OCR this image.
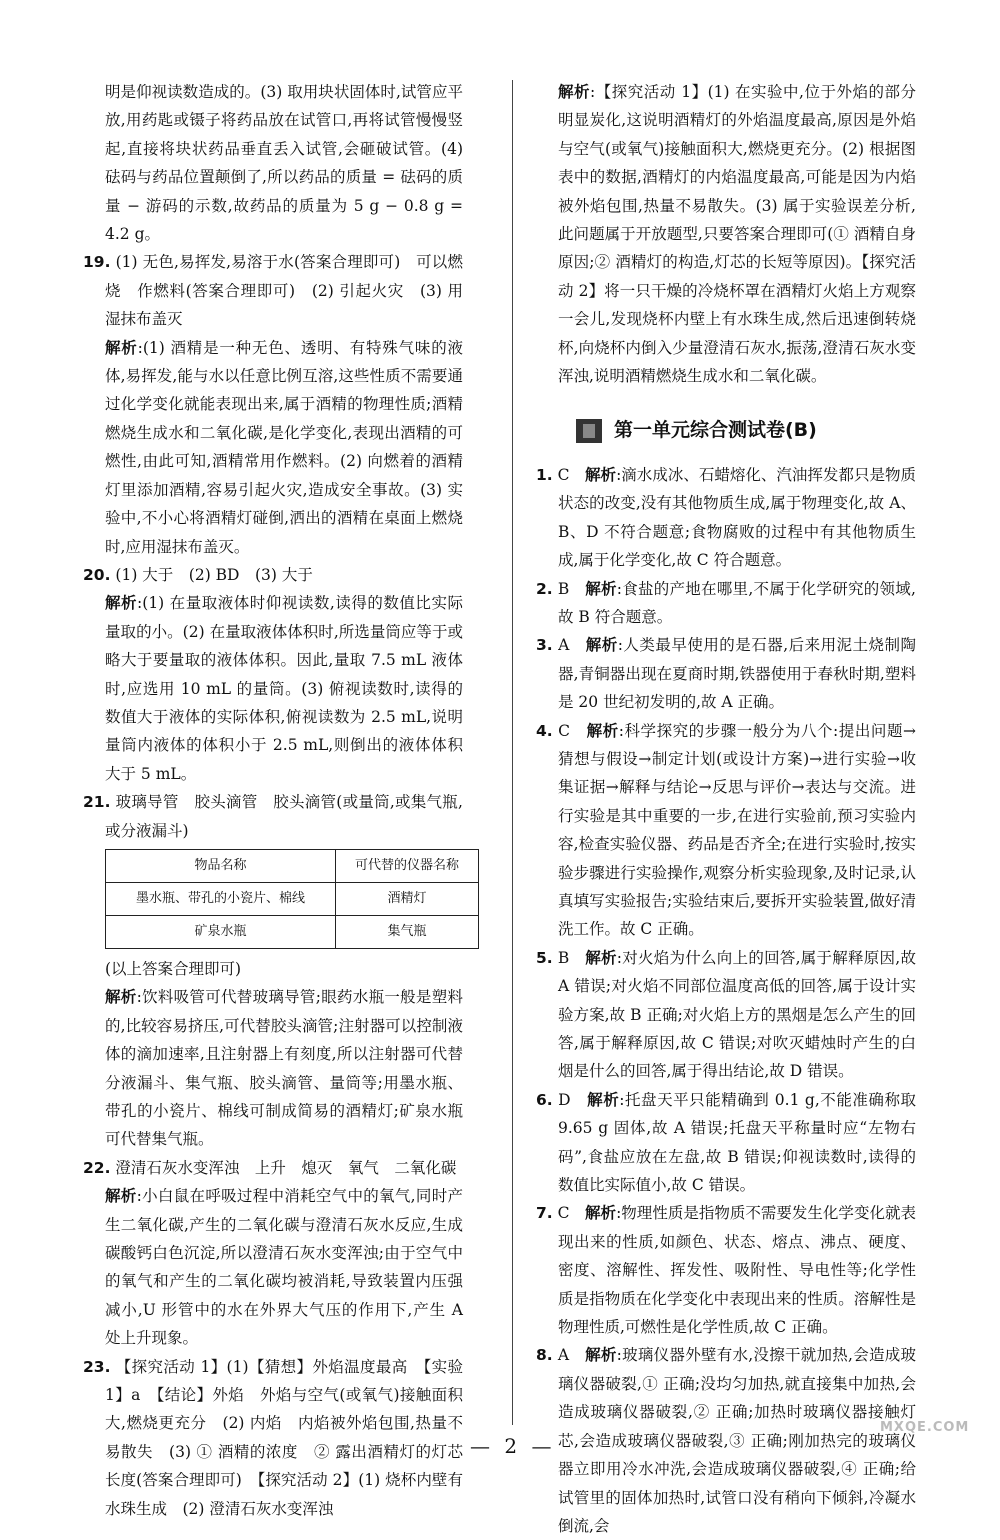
明是仰视读数造成的。(3) 取用块状固体时,试管应平放,用药匙或镊子将药品放在试管口,再将试管慢慢竖起,直接将块状药品垂直丢入试管,会砸破试管。(4) 砝码与药品位置颠倒了,所以药品的质量 = 砝码的质量 − 游码的示数,故药品的质量为 5 g − 0.8 g = 4.2 g。

19. (1) 无色,易挥发,易溶于水(答案合理即可)　可以燃烧　作燃料(答案合理即可)　(2) 引起火灾　(3) 用湿抹布盖灭

解析:(1) 酒精是一种无色、透明、有特殊气味的液体,易挥发,能与水以任意比例互溶,这些性质不需要通过化学变化就能表现出来,属于酒精的物理性质;酒精燃烧生成水和二氧化碳,是化学变化,表现出酒精的可燃性,由此可知,酒精常用作燃料。(2) 向燃着的酒精灯里添加酒精,容易引起火灾,造成安全事故。(3) 实验中,不小心将酒精灯碰倒,洒出的酒精在桌面上燃烧时,应用湿抹布盖灭。

20. (1) 大于　(2) BD　(3) 大于

解析:(1) 在量取液体时仰视读数,读得的数值比实际量取的小。(2) 在量取液体体积时,所选量筒应等于或略大于要量取的液体体积。因此,量取 7.5 mL 液体时,应选用 10 mL 的量筒。(3) 俯视读数时,读得的数值大于液体的实际体积,俯视读数为 2.5 mL,说明量筒内液体的体积小于 2.5 mL,则倒出的液体体积大于 5 mL。

21. 玻璃导管　胶头滴管　胶头滴管(或量筒,或集气瓶,或分液漏斗)

物品名称	可代替的仪器名称
墨水瓶、带孔的小瓷片、棉线	酒精灯
矿泉水瓶	集气瓶

(以上答案合理即可)

解析:饮料吸管可代替玻璃导管;眼药水瓶一般是塑料的,比较容易挤压,可代替胶头滴管;注射器可以控制液体的滴加速率,且注射器上有刻度,所以注射器可代替分液漏斗、集气瓶、胶头滴管、量筒等;用墨水瓶、带孔的小瓷片、棉线可制成简易的酒精灯;矿泉水瓶可代替集气瓶。

22. 澄清石灰水变浑浊　上升　熄灭　氧气　二氧化碳

解析:小白鼠在呼吸过程中消耗空气中的氧气,同时产生二氧化碳,产生的二氧化碳与澄清石灰水反应,生成碳酸钙白色沉淀,所以澄清石灰水变浑浊;由于空气中的氧气和产生的二氧化碳均被消耗,导致装置内压强减小,U 形管中的水在外界大气压的作用下,产生 A 处上升现象。

23. 【探究活动 1】(1)【猜想】外焰温度最高　【实验 1】a　【结论】外焰　外焰与空气(或氧气)接触面积大,燃烧更充分　(2) 内焰　内焰被外焰包围,热量不易散失　(3) ① 酒精的浓度　② 露出酒精灯的灯芯长度(答案合理即可)　【探究活动 2】(1) 烧杯内壁有水珠生成　(2) 澄清石灰水变浑浊

解析:【探究活动 1】(1) 在实验中,位于外焰的部分明显炭化,这说明酒精灯的外焰温度最高,原因是外焰与空气(或氧气)接触面积大,燃烧更充分。(2) 根据图表中的数据,酒精灯的内焰温度最高,可能是因为内焰被外焰包围,热量不易散失。(3) 属于实验误差分析,此问题属于开放题型,只要答案合理即可(① 酒精自身原因;② 酒精灯的构造,灯芯的长短等原因)。【探究活动 2】将一只干燥的冷烧杯罩在酒精灯火焰上方观察一会儿,发现烧杯内壁上有水珠生成,然后迅速倒转烧杯,向烧杯内倒入少量澄清石灰水,振荡,澄清石灰水变浑浊,说明酒精燃烧生成水和二氧化碳。

第一单元综合测试卷(B)

1. C　 解析:滴水成冰、石蜡熔化、汽油挥发都只是物质状态的改变,没有其他物质生成,属于物理变化,故 A、B、D 不符合题意;食物腐败的过程中有其他物质生成,属于化学变化,故 C 符合题意。

2. B　 解析:食盐的产地在哪里,不属于化学研究的领域,故 B 符合题意。

3. A　 解析:人类最早使用的是石器,后来用泥土烧制陶器,青铜器出现在夏商时期,铁器使用于春秋时期,塑料是 20 世纪初发明的,故 A 正确。

4. C　 解析:科学探究的步骤一般分为八个:提出问题→猜想与假设→制定计划(或设计方案)→进行实验→收集证据→解释与结论→反思与评价→表达与交流。进行实验是其中重要的一步,在进行实验前,预习实验内容,检查实验仪器、药品是否齐全;在进行实验时,按实验步骤进行实验操作,观察分析实验现象,及时记录,认真填写实验报告;实验结束后,要拆开实验装置,做好清洗工作。故 C 正确。

5. B　 解析:对火焰为什么向上的回答,属于解释原因,故 A 错误;对火焰不同部位温度高低的回答,属于设计实验方案,故 B 正确;对火焰上方的黑烟是怎么产生的回答,属于解释原因,故 C 错误;对吹灭蜡烛时产生的白烟是什么的回答,属于得出结论,故 D 错误。

6. D　 解析:托盘天平只能精确到 0.1 g,不能准确称取 9.65 g 固体,故 A 错误;托盘天平称量时应“左物右码”,食盐应放在左盘,故 B 错误;仰视读数时,读得的数值比实际值小,故 C 错误。

7. C　 解析:物理性质是指物质不需要发生化学变化就表现出来的性质,如颜色、状态、熔点、沸点、硬度、密度、溶解性、挥发性、吸附性、导电性等;化学性质是指物质在化学变化中表现出来的性质。溶解性是物理性质,可燃性是化学性质,故 C 正确。

8. A　 解析:玻璃仪器外壁有水,没擦干就加热,会造成玻璃仪器破裂,① 正确;没均匀加热,就直接集中加热,会造成玻璃仪器破裂,② 正确;加热时玻璃仪器接触灯芯,会造成玻璃仪器破裂,③ 正确;刚加热完的玻璃仪器立即用冷水冲洗,会造成玻璃仪器破裂,④ 正确;给试管里的固体加热时,试管口没有稍向下倾斜,冷凝水倒流,会

— 2 —
MXQE.COM
